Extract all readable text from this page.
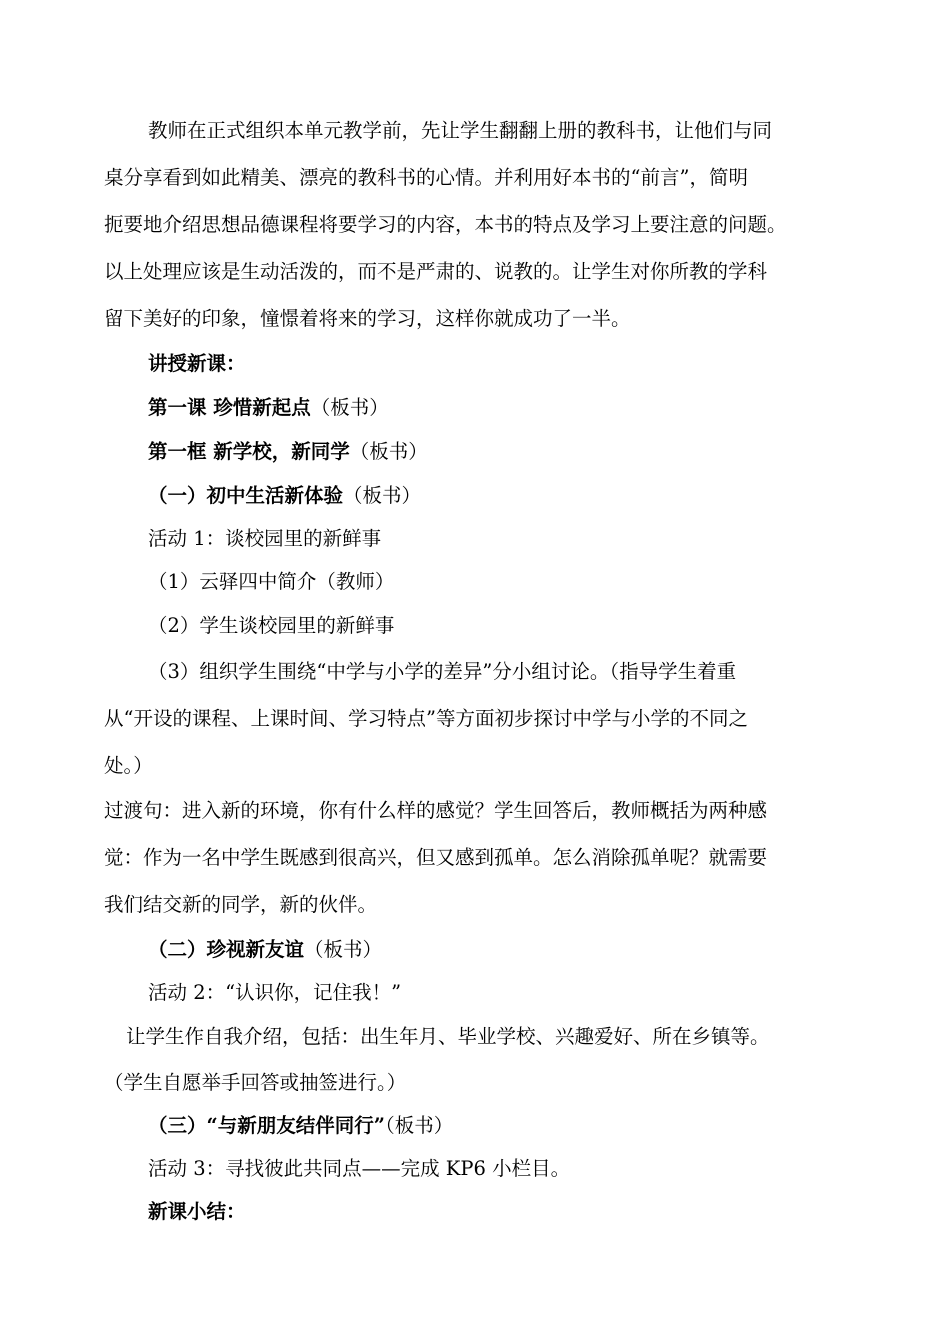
教师在正式组织本单元教学前，先让学生翻翻上册的教科书，让他们与同
桌分享看到如此精美、漂亮的教科书的心情。并利用好本书的“前言”，简明
扼要地介绍思想品德课程将要学习的内容，本书的特点及学习上要注意的问题。
以上处理应该是生动活泼的，而不是严肃的、说教的。让学生对你所教的学科
留下美好的印象，憧憬着将来的学习，这样你就成功了一半。
讲授新课：
第一课 珍惜新起点（板书）
第一框 新学校，新同学（板书）
（一）初中生活新体验（板书）
活动 1：谈校园里的新鲜事
（1）云驿四中简介（教师）
（2）学生谈校园里的新鲜事
（3）组织学生围绕“中学与小学的差异”分小组讨论。（指导学生着重
从“开设的课程、上课时间、学习特点”等方面初步探讨中学与小学的不同之
处。）
过渡句：进入新的环境，你有什么样的感觉？学生回答后，教师概括为两种感
觉：作为一名中学生既感到很高兴，但又感到孤单。怎么消除孤单呢？就需要
我们结交新的同学，新的伙伴。
（二）珍视新友谊（板书）
活动 2：“认识你，记住我！”
让学生作自我介绍，包括：出生年月、毕业学校、兴趣爱好、所在乡镇等。
（学生自愿举手回答或抽签进行。）
（三）“与新朋友结伴同行”（板书）
活动 3：寻找彼此共同点——完成 KP6 小栏目。
新课小结：
